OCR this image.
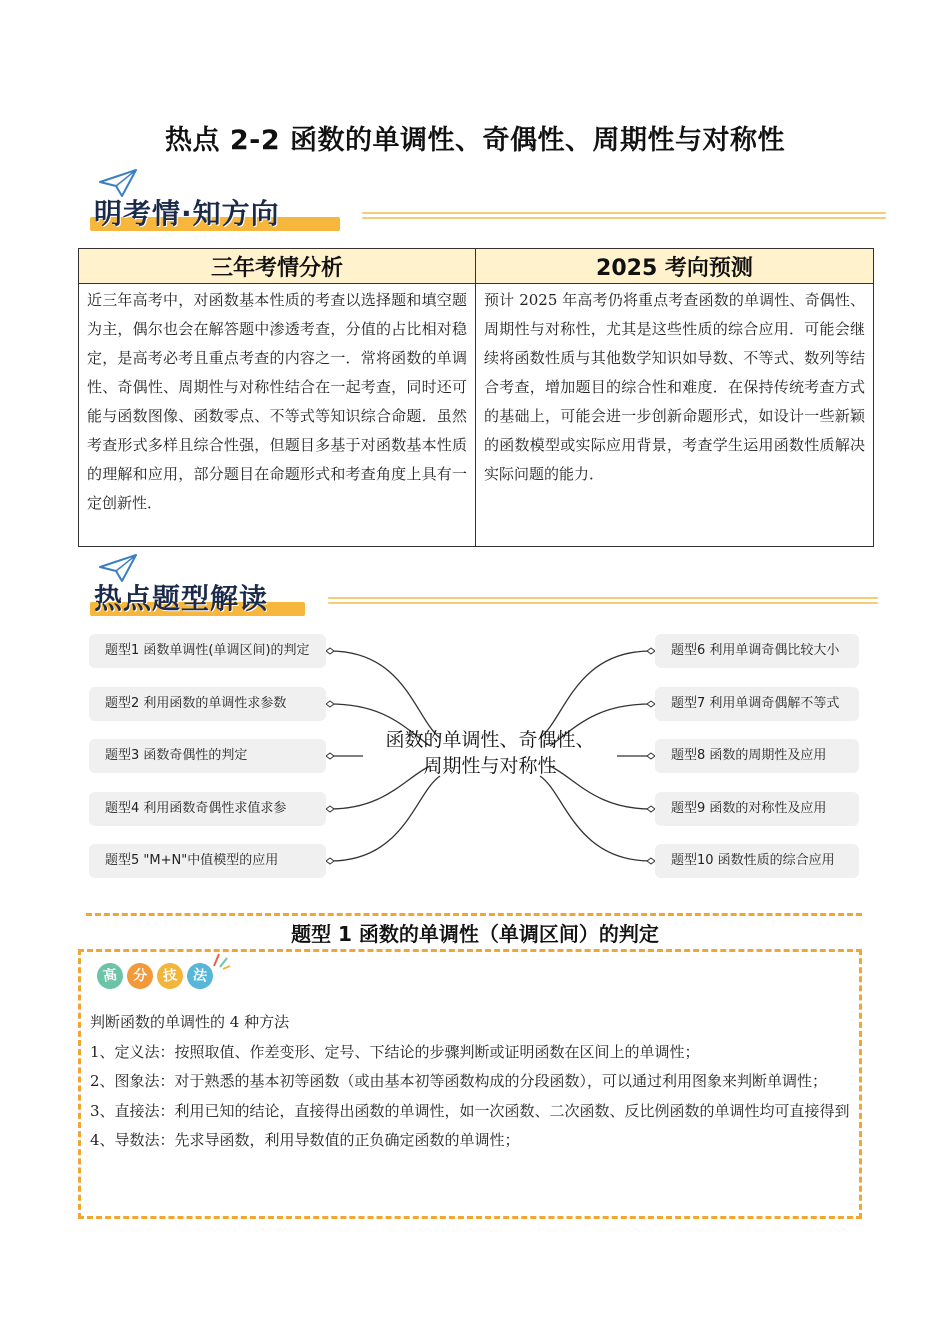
热点 2-2 函数的单调性、奇偶性、周期性与对称性
明考情·知方向
三年考情分析	2025 考向预测
近三年高考中，对函数基本性质的考查以选择题和填空题为主，偶尔也会在解答题中渗透考查，分值的占比相对稳定，是高考必考且重点考查的内容之一．常将函数的单调性、奇偶性、周期性与对称性结合在一起考查，同时还可能与函数图像、函数零点、不等式等知识综合命题．虽然考查形式多样且综合性强，但题目多基于对函数基本性质的理解和应用，部分题目在命题形式和考查角度上具有一定创新性．	预计 2025 年高考仍将重点考查函数的单调性、奇偶性、周期性与对称性，尤其是这些性质的综合应用．可能会继续将函数性质与其他数学知识如导数、不等式、数列等结合考查，增加题目的综合性和难度．在保持传统考查方式的基础上，可能会进一步创新命题形式，如设计一些新颖的函数模型或实际应用背景，考查学生运用函数性质解决实际问题的能力．
热点题型解读
题型1 函数单调性(单调区间)的判定
题型2 利用函数的单调性求参数
题型3 函数奇偶性的判定
题型4 利用函数奇偶性求值求参
题型5 "M+N"中值模型的应用
题型6 利用单调奇偶比较大小
题型7 利用单调奇偶解不等式
题型8 函数的周期性及应用
题型9 函数的对称性及应用
题型10 函数性质的综合应用
函数的单调性、奇偶性、
周期性与对称性
题型 1 函数的单调性（单调区间）的判定
高	分	技	法

判断函数的单调性的 4 种方法

1、定义法：按照取值、作差变形、定号、下结论的步骤判断或证明函数在区间上的单调性；

2、图象法：对于熟悉的基本初等函数（或由基本初等函数构成的分段函数），可以通过利用图象来判断单调性；

3、直接法：利用已知的结论，直接得出函数的单调性，如一次函数、二次函数、反比例函数的单调性均可直接得到

4、导数法：先求导函数，利用导数值的正负确定函数的单调性；
